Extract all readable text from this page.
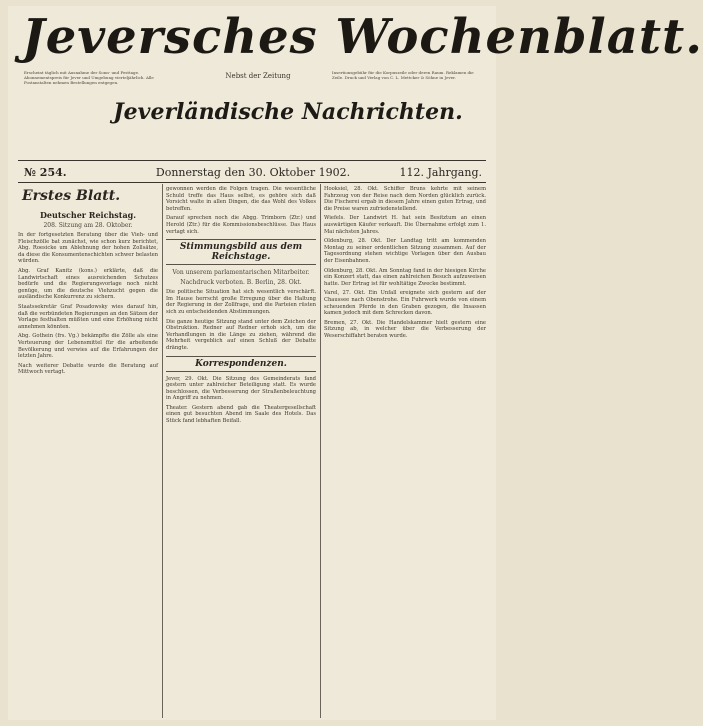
Jeversches Wochenblatt.
Erscheint täglich mit Ausnahme der Sonn- und Festtage. Abonnementspreis für Jever und Umgebung vierteljährlich. Alle Postanstalten nehmen Bestellungen entgegen.
Nebst der Zeitung	Insertionsgebühr für die Korpuszeile oder deren Raum. Reklamen die Zeile. Druck und Verlag von C. L. Mettcker & Söhne in Jever.
Jeverländische Nachrichten.
№ 254.	Donnerstag den 30. Oktober 1902.	112. Jahrgang.
Erstes Blatt.
Deutscher Reichstag.
208. Sitzung am 28. Oktober.

In der fortgesetzten Beratung über die Vieh- und Fleischzölle bat zunächst, wie schon kurz berichtet, Abg. Roesicke um Ablehnung der hohen Zollsätze, da diese die Konsumentenschichten schwer belasten würden.

Abg. Graf Kanitz (kons.) erklärte, daß die Landwirtschaft eines ausreichenden Schutzes bedürfe und die Regierungsvorlage noch nicht genüge, um die deutsche Viehzucht gegen die ausländische Konkurrenz zu sichern.

Staatssekretär Graf Posadowsky wies darauf hin, daß die verbündeten Regierungen an den Sätzen der Vorlage festhalten müßten und eine Erhöhung nicht annehmen könnten.

Abg. Gothein (frs. Vg.) bekämpfte die Zölle als eine Verteuerung der Lebensmittel für die arbeitende Bevölkerung und verwies auf die Erfahrungen der letzten Jahre.

Nach weiterer Debatte wurde die Beratung auf Mittwoch vertagt.

gewonnen werden die Folgen tragen. Die wesentliche Schuld treffe das Haus selbst, es gehöre sich daß Vorsicht walte in allen Dingen, die das Wohl des Volkes betreffen.

Darauf sprechen noch die Abgg. Trimborn (Ztr.) und Herold (Ztr.) für die Kommissionsbeschlüsse. Das Haus vertagt sich.

Stimmungsbild aus dem Reichstage.
Von unserem parlamentarischen Mitarbeiter.
Nachdruck verboten. B. Berlin, 28. Okt.

Die politische Situation hat sich wesentlich verschärft. Im Hause herrscht große Erregung über die Haltung der Regierung in der Zollfrage, und die Parteien rüsten sich zu entscheidenden Abstimmungen.

Die ganze heutige Sitzung stand unter dem Zeichen der Obstruktion. Redner auf Redner erhob sich, um die Verhandlungen in die Länge zu ziehen, während die Mehrheit vergeblich auf einen Schluß der Debatte drängte.

Korrespondenzen.

Jever, 29. Okt. Die Sitzung des Gemeinderats fand gestern unter zahlreicher Beteiligung statt. Es wurde beschlossen, die Verbesserung der Straßenbeleuchtung in Angriff zu nehmen.

Theater. Gestern abend gab die Theatergesellschaft einen gut besuchten Abend im Saale des Hotels. Das Stück fand lebhaften Beifall.

Hooksiel, 28. Okt. Schiffer Bruns kehrte mit seinem Fahrzeug von der Reise nach dem Norden glücklich zurück. Die Fischerei ergab in diesem Jahre einen guten Ertrag, und die Preise waren zufriedenstellend.

Wiefels. Der Landwirt H. hat sein Besitztum an einen auswärtigen Käufer verkauft. Die Übernahme erfolgt zum 1. Mai nächsten Jahres.

Oldenburg, 28. Okt. Der Landtag tritt am kommenden Montag zu seiner ordentlichen Sitzung zusammen. Auf der Tagesordnung stehen wichtige Vorlagen über den Ausbau der Eisenbahnen.

Oldenburg, 28. Okt. Am Sonntag fand in der hiesigen Kirche ein Konzert statt, das einen zahlreichen Besuch aufzuweisen hatte. Der Ertrag ist für wohltätige Zwecke bestimmt.

Varel, 27. Okt. Ein Unfall ereignete sich gestern auf der Chaussee nach Obenstrohe. Ein Fuhrwerk wurde von einem scheuenden Pferde in den Graben gezogen, die Insassen kamen jedoch mit dem Schrecken davon.

Bremen, 27. Okt. Die Handelskammer hielt gestern eine Sitzung ab, in welcher über die Verbesserung der Weserschiffahrt beraten wurde.
